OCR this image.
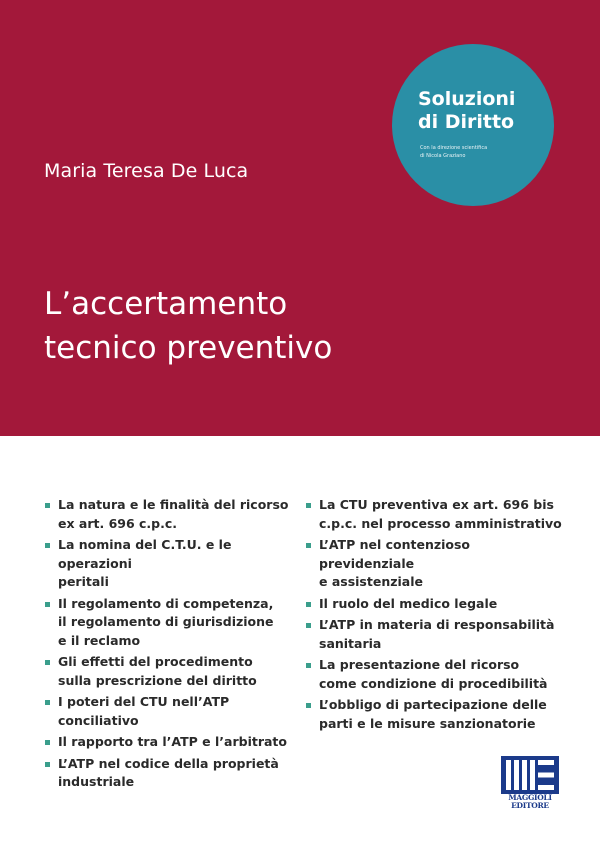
Maria Teresa De Luca
L’accertamento
tecnico preventivo
Soluzioni
di Diritto
Con la direzione scientifica
di Nicola Graziano
La natura e le finalità del ricorso
ex art. 696 c.p.c.
La nomina del C.T.U. e le operazioni
peritali
Il regolamento di competenza,
il regolamento di giurisdizione
e il reclamo
Gli effetti del procedimento
sulla prescrizione del diritto
I poteri del CTU nell’ATP
conciliativo
Il rapporto tra l’ATP e l’arbitrato
L’ATP nel codice della proprietà
industriale
La CTU preventiva ex art. 696 bis
c.p.c. nel processo amministrativo
L’ATP nel contenzioso previdenziale
e assistenziale
Il ruolo del medico legale
L’ATP in materia di responsabilità
sanitaria
La presentazione del ricorso
come condizione di procedibilità
L’obbligo di partecipazione delle
parti e le misure sanzionatorie
MAGGIOLI
EDITORE
